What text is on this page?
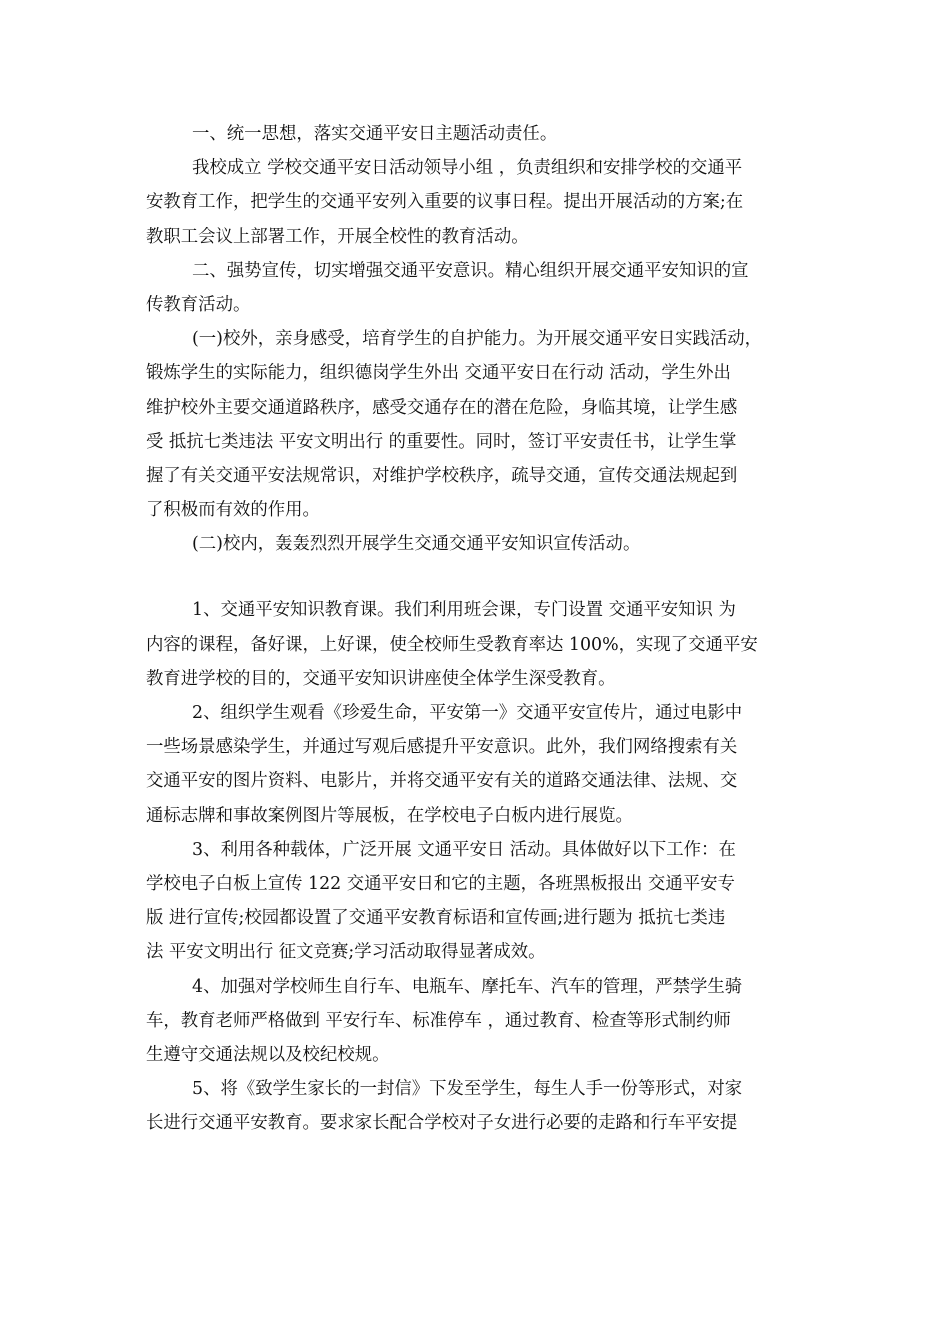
一、统一思想，落实交通平安日主题活动责任。
我校成立 学校交通平安日活动领导小组 ，负责组织和安排学校的交通平
安教育工作，把学生的交通平安列入重要的议事日程。提出开展活动的方案;在
教职工会议上部署工作，开展全校性的教育活动。
二、强势宣传，切实增强交通平安意识。精心组织开展交通平安知识的宣
传教育活动。
(一)校外，亲身感受，培育学生的自护能力。为开展交通平安日实践活动，
锻炼学生的实际能力，组织德岗学生外出 交通平安日在行动 活动，学生外出
维护校外主要交通道路秩序，感受交通存在的潜在危险，身临其境，让学生感
受 抵抗七类违法 平安文明出行 的重要性。同时，签订平安责任书，让学生掌
握了有关交通平安法规常识，对维护学校秩序，疏导交通，宣传交通法规起到
了积极而有效的作用。
(二)校内，轰轰烈烈开展学生交通交通平安知识宣传活动。
1、交通平安知识教育课。我们利用班会课，专门设置 交通平安知识 为
内容的课程，备好课，上好课，使全校师生受教育率达 100%，实现了交通平安
教育进学校的目的，交通平安知识讲座使全体学生深受教育。
2、组织学生观看《珍爱生命，平安第一》交通平安宣传片，通过电影中
一些场景感染学生，并通过写观后感提升平安意识。此外，我们网络搜索有关
交通平安的图片资料、电影片，并将交通平安有关的道路交通法律、法规、交
通标志牌和事故案例图片等展板，在学校电子白板内进行展览。
3、利用各种载体，广泛开展 文通平安日 活动。具体做好以下工作：在
学校电子白板上宣传 122 交通平安日和它的主题，各班黑板报出 交通平安专
版 进行宣传;校园都设置了交通平安教育标语和宣传画;进行题为 抵抗七类违
法 平安文明出行 征文竞赛;学习活动取得显著成效。
4、加强对学校师生自行车、电瓶车、摩托车、汽车的管理，严禁学生骑
车，教育老师严格做到 平安行车、标准停车 ，通过教育、检查等形式制约师
生遵守交通法规以及校纪校规。
5、将《致学生家长的一封信》下发至学生，每生人手一份等形式，对家
长进行交通平安教育。要求家长配合学校对子女进行必要的走路和行车平安提
